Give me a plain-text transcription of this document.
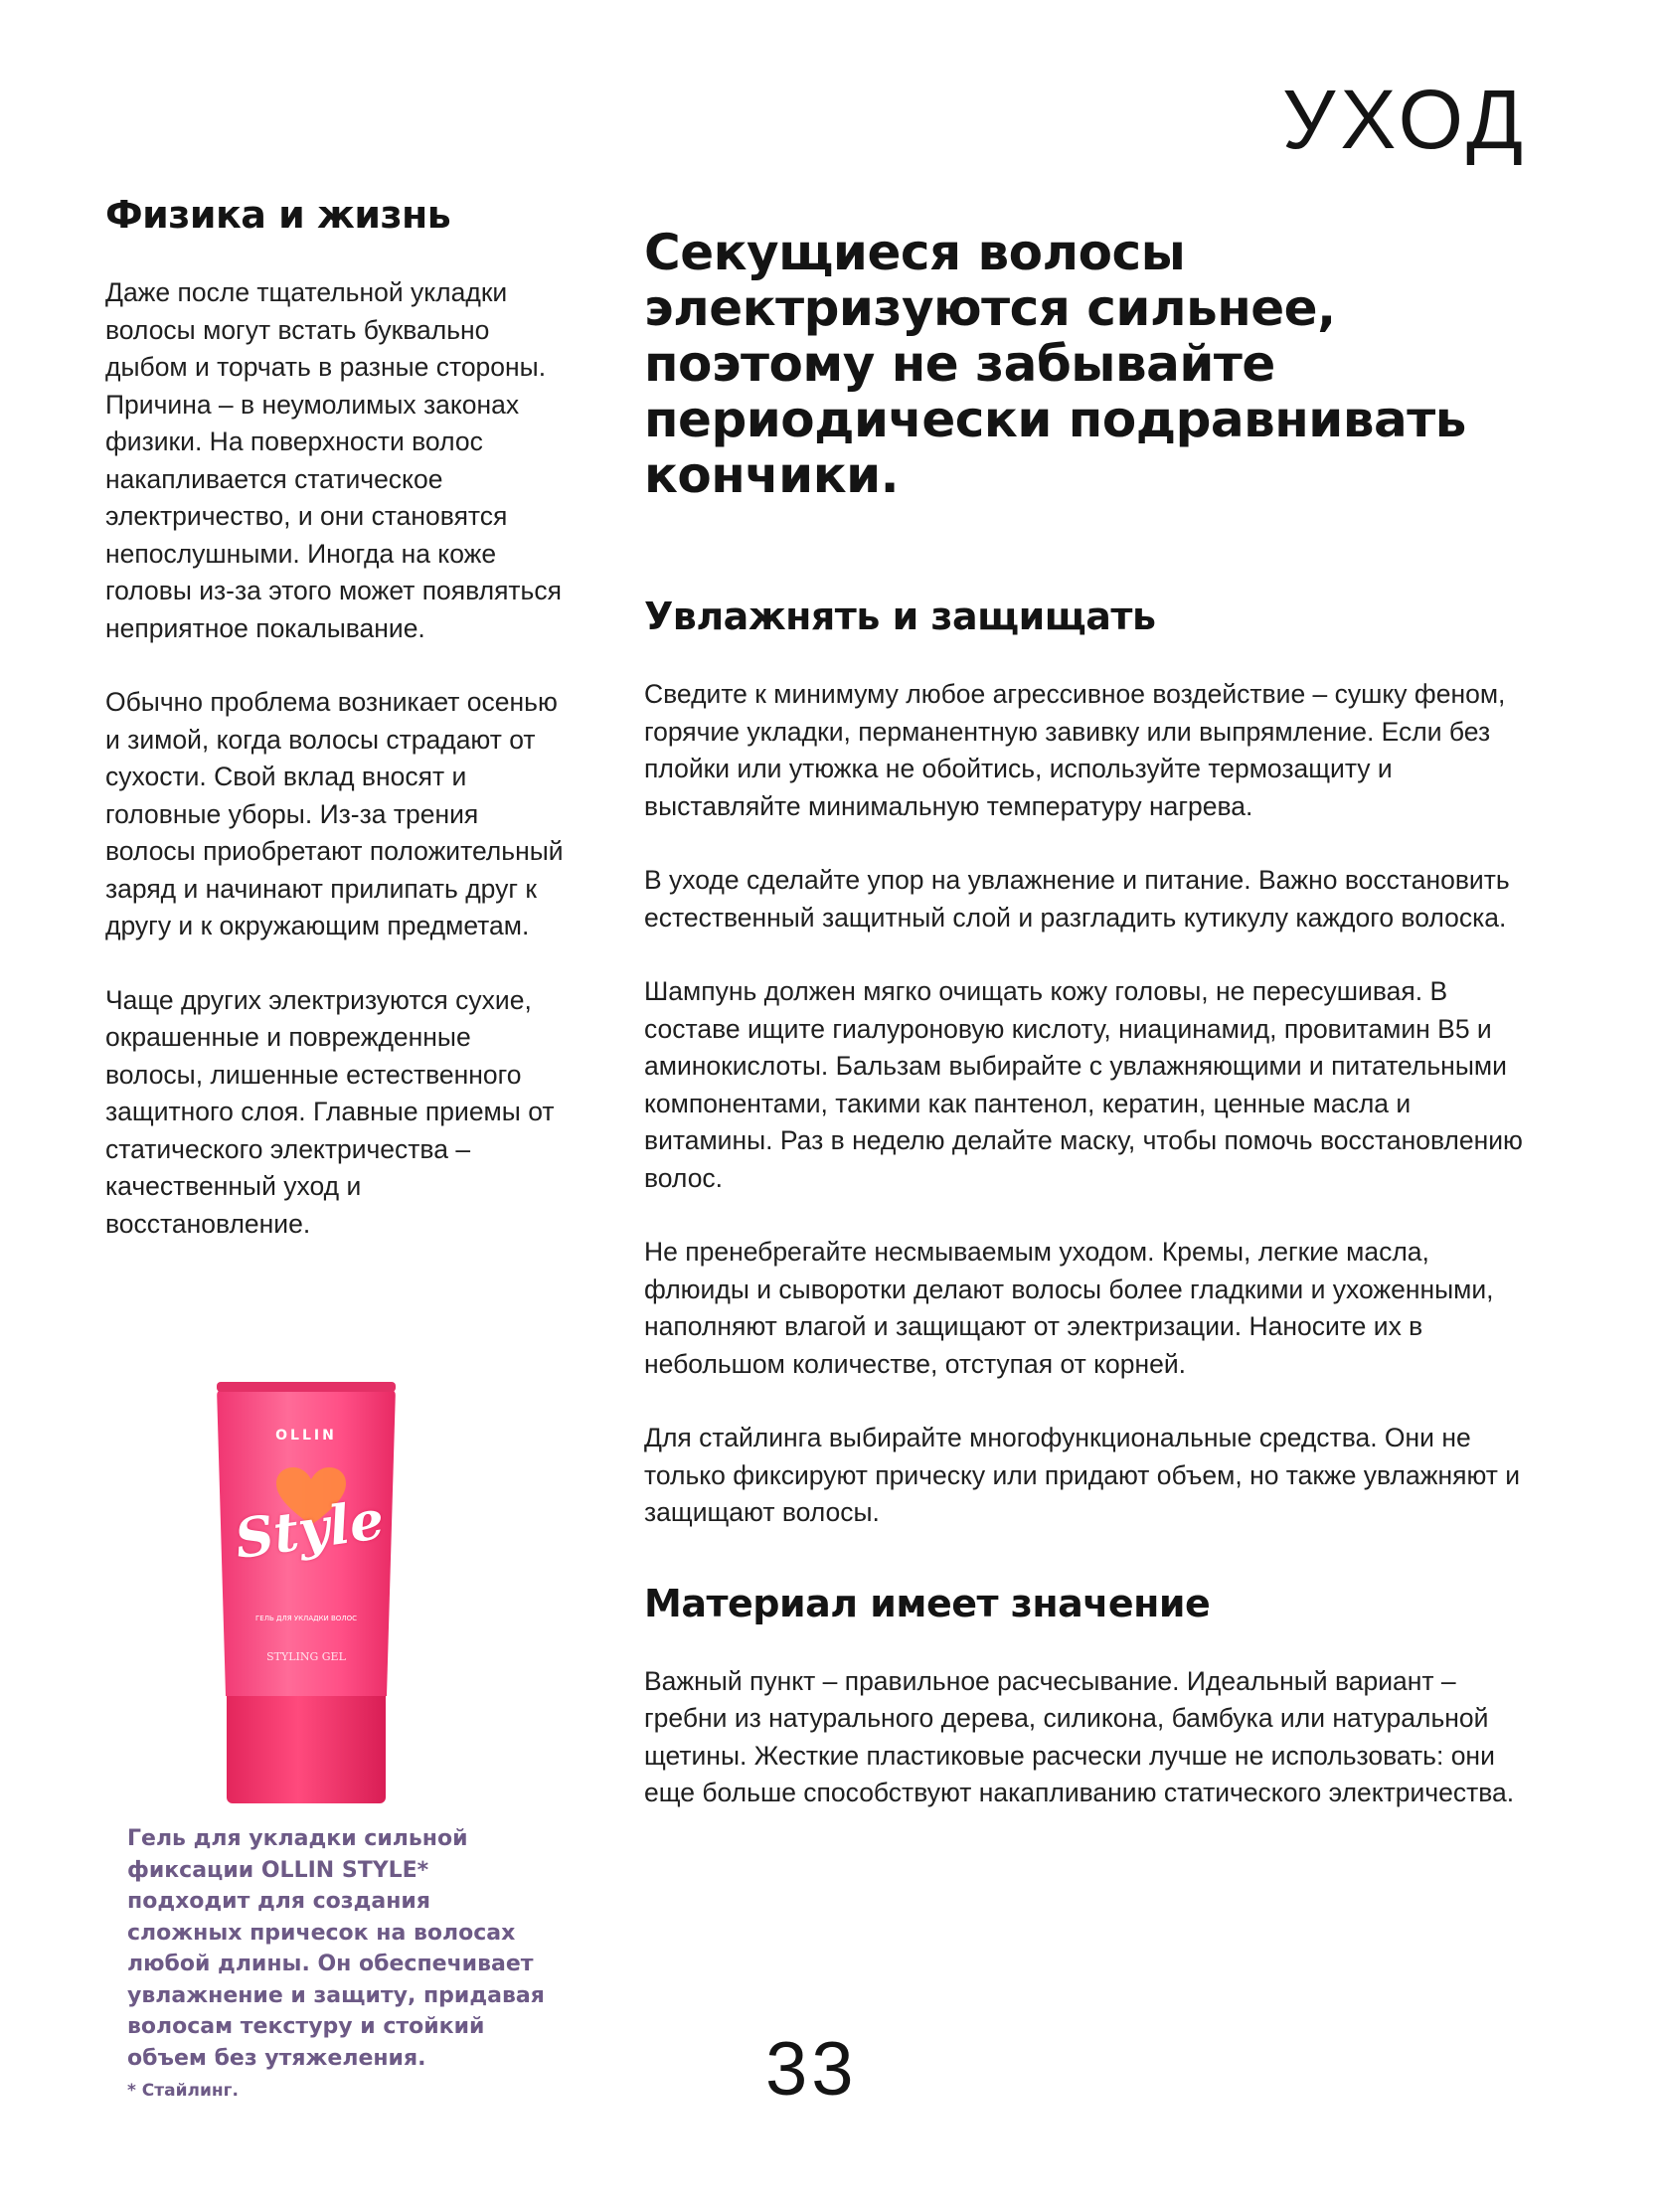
УХОД
Физика и жизнь

Даже после тщательной укладки волосы могут встать буквально дыбом и торчать в разные стороны. Причина – в неумолимых законах физики. На поверхности волос накапливается статическое электричество, и они становятся непослушными. Иногда на коже головы из-за этого может появляться неприятное покалывание.

Обычно проблема возникает осенью и зимой, когда волосы страдают от сухости. Свой вклад вносят и головные уборы. Из-за трения волосы приобретают положительный заряд и начинают прилипать друг к другу и к окружающим предметам.

Чаще других электризуются сухие, окрашенные и поврежденные волосы, лишенные естественного защитного слоя. Главные приемы от статического электричества – качественный уход и восстановление.

OLLIN
Style
ГЕЛЬ ДЛЯ УКЛАДКИ ВОЛОС
STYLING GEL

Гель для укладки сильной фиксации OLLIN STYLE* подходит для создания сложных причесок на волосах любой длины. Он обеспечивает увлажнение и защиту, придавая волосам текстуру и стойкий объем без утяжеления.

* Стайлинг.

Секущиеся волосы электризуются сильнее, поэтому не забывайте периодически подравнивать кончики.

Увлажнять и защищать

Сведите к минимуму любое агрессивное воздействие – сушку феном, горячие укладки, перманентную завивку или выпрямление. Если без плойки или утюжка не обойтись, используйте термозащиту и выставляйте минимальную температуру нагрева.

В уходе сделайте упор на увлажнение и питание. Важно восстановить естественный защитный слой и разгладить кутикулу каждого волоска.

Шампунь должен мягко очищать кожу головы, не пересушивая. В составе ищите гиалуроновую кислоту, ниацинамид, провитамин B5 и аминокислоты. Бальзам выбирайте с увлажняющими и питательными компонентами, такими как пантенол, кератин, ценные масла и витамины. Раз в неделю делайте маску, чтобы помочь восстановлению волос.

Не пренебрегайте несмываемым уходом. Кремы, легкие масла, флюиды и сыворотки делают волосы более гладкими и ухоженными, наполняют влагой и защищают от электризации. Наносите их в небольшом количестве, отступая от корней.

Для стайлинга выбирайте многофункциональные средства. Они не только фиксируют прическу или придают объем, но также увлажняют и защищают волосы.

Материал имеет значение

Важный пункт – правильное расчесывание. Идеальный вариант – гребни из натурального дерева, силикона, бамбука или натуральной щетины. Жесткие пластиковые расчески лучше не использовать: они еще больше способствуют накапливанию статического электричества.

33
